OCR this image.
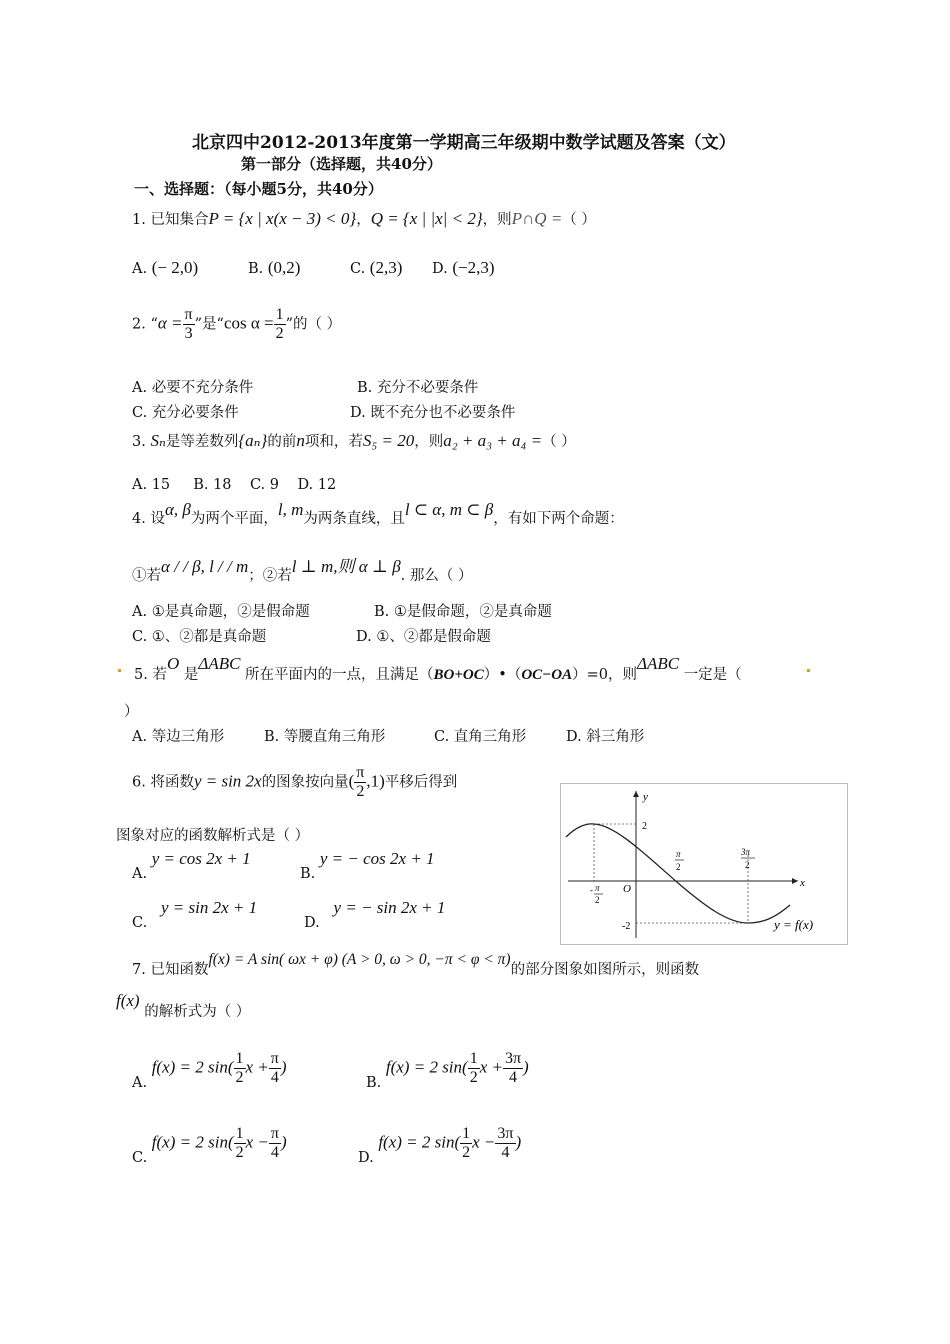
北京四中2012-2013年度第一学期高三年级期中数学试题及答案（文）
第一部分（选择题，共40分）
一、选择题：（每小题5分，共40分）
1. 已知集合P = {x | x(x − 3) < 0}，Q = {x | |x| < 2}，则P∩Q =（ ）
A. (− 2,0)	B. (0,2)	C. (2,3) D. (−2,3)
2. “$\alpha = \frac{\pi}{3}$ ”是“cos $\alpha = \frac{1}{2}$ ”的（ ）
A. 必要不充分条件	B. 充分不必要条件
C. 充分必要条件	D. 既不充分也不必要条件
3. Sₙ是等差数列{aₙ}的前n项和，若S₅ = 20，则a₂ + a₃ + a₄ =（ ）
A. 15 B. 18 C. 9 D. 12
4. 设α, β为两个平面，l, m为两条直线，且l ⊂ α, m ⊂ β，有如下两个命题：
①若α / / β, l / / m；②若l ⊥ m,则 α ⊥ β. 那么（ ）
A. ①是真命题，②是假命题	B. ①是假命题，②是真命题
C. ①、②都是真命题	D. ①、②都是假命题
5. 若O 是ΔABC 所在平面内的一点，且满足（BO+OC）•（OC−OA）=0，则ΔABC 一定是（
）
A. 等边三角形	B. 等腰直角三角形	C. 直角三角形	D. 斜三角形
6. 将函数y = sin 2x的图象按向量( $\frac{\pi}{2} ,1$)平移后得到
图象对应的函数解析式是（ ）
A. y = cos 2x + 1
B. y = − cos 2x + 1
C.   y = sin 2x + 1
D.   y = − sin 2x + 1
y
x
O
2
-2
- π
2
π
2
3π
2
y = f(x)
7. 已知函数f(x) = A sin( ωx + φ) (A > 0, ω > 0, −π < φ < π)的部分图象如图所示，则函数
f(x) 的解析式为（ ）
A. f(x) = 2 $\sin( \frac{1}{2}$ $x + \frac{\pi}{4}$ )
B. f(x) = 2 $\sin( \frac{1}{2}$ $x + \frac{3\pi}{4}$ )
C. f(x) = 2 $\sin( \frac{1}{2}$ $x - \frac{\pi}{4}$ )
D. f(x) = 2 $\sin( \frac{1}{2}$ $x - \frac{3\pi}{4}$ )
